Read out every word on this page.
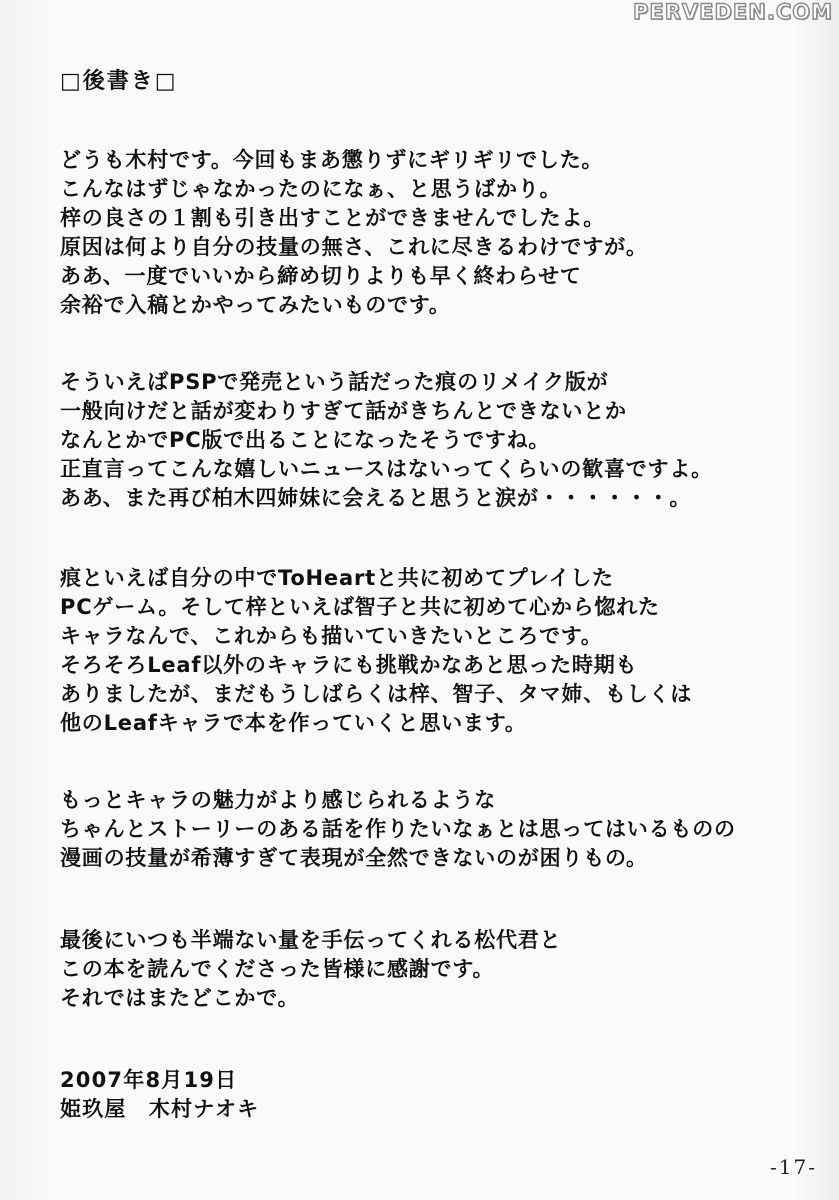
PERVEDEN.COM
□後書き□
どうも木村です。今回もまあ懲りずにギリギリでした。
こんなはずじゃなかったのになぁ、と思うばかり。
梓の良さの１割も引き出すことができませんでしたよ。
原因は何より自分の技量の無さ、これに尽きるわけですが。
ああ、一度でいいから締め切りよりも早く終わらせて
余裕で入稿とかやってみたいものです。
そういえばPSPで発売という話だった痕のリメイク版が
一般向けだと話が変わりすぎて話がきちんとできないとか
なんとかでPC版で出ることになったそうですね。
正直言ってこんな嬉しいニュースはないってくらいの歓喜ですよ。
ああ、また再び柏木四姉妹に会えると思うと涙が・・・・・・。
痕といえば自分の中でToHeartと共に初めてプレイした
PCゲーム。そして梓といえば智子と共に初めて心から惚れた
キャラなんで、これからも描いていきたいところです。
そろそろLeaf以外のキャラにも挑戦かなあと思った時期も
ありましたが、まだもうしばらくは梓、智子、タマ姉、もしくは
他のLeafキャラで本を作っていくと思います。
もっとキャラの魅力がより感じられるような
ちゃんとストーリーのある話を作りたいなぁとは思ってはいるものの
漫画の技量が希薄すぎて表現が全然できないのが困りもの。
最後にいつも半端ない量を手伝ってくれる松代君と
この本を読んでくださった皆様に感謝です。
それではまたどこかで。
2007年8月19日
姫玖屋　木村ナオキ
-17-
